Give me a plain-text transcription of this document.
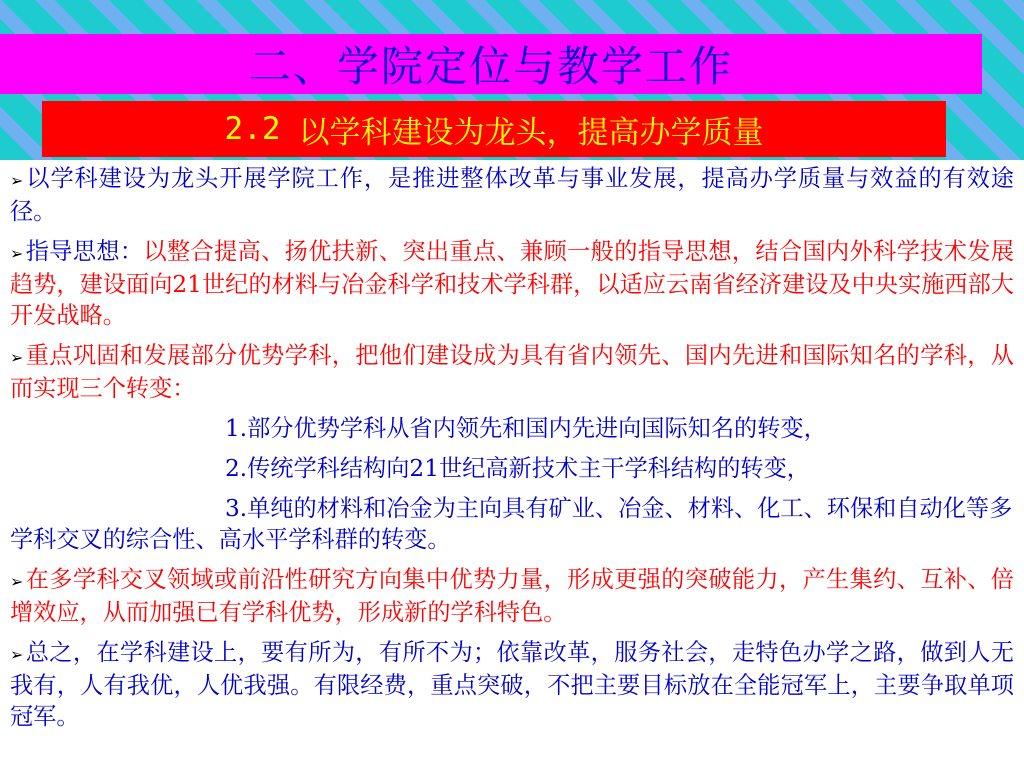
二、学院定位与教学工作
2.2 以学科建设为龙头，提高办学质量

➢以学科建设为龙头开展学院工作，是推进整体改革与事业发展，提高办学质量与效益的有效途径。

➢指导思想：以整合提高、扬优扶新、突出重点、兼顾一般的指导思想，结合国内外科学技术发展趋势，建设面向21世纪的材料与冶金科学和技术学科群，以适应云南省经济建设及中央实施西部大开发战略。

➢重点巩固和发展部分优势学科，把他们建设成为具有省内领先、国内先进和国际知名的学科，从而实现三个转变：

1.部分优势学科从省内领先和国内先进向国际知名的转变，

2.传统学科结构向21世纪高新技术主干学科结构的转变，

3.单纯的材料和冶金为主向具有矿业、冶金、材料、化工、环保和自动化等多学科交叉的综合性、高水平学科群的转变。

➢在多学科交叉领域或前沿性研究方向集中优势力量，形成更强的突破能力，产生集约、互补、倍增效应，从而加强已有学科优势，形成新的学科特色。

➢总之，在学科建设上，要有所为，有所不为；依靠改革，服务社会，走特色办学之路，做到人无我有，人有我优，人优我强。有限经费，重点突破，不把主要目标放在全能冠军上，主要争取单项冠军。
